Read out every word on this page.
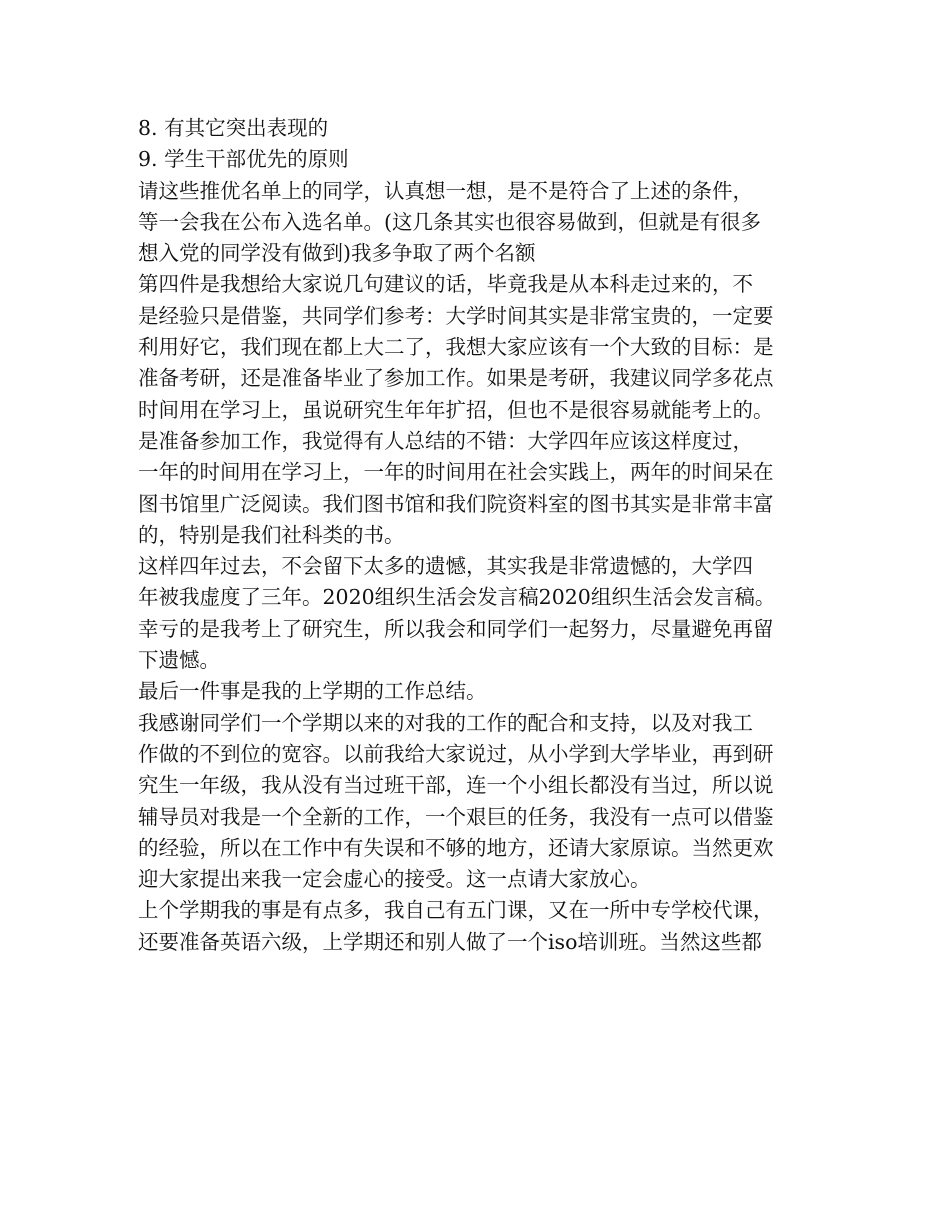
8. 有其它突出表现的

9. 学生干部优先的原则

请这些推优名单上的同学，认真想一想，是不是符合了上述的条件，

等一会我在公布入选名单。(这几条其实也很容易做到，但就是有很多

想入党的同学没有做到)我多争取了两个名额

第四件是我想给大家说几句建议的话，毕竟我是从本科走过来的，不

是经验只是借鉴，共同学们参考：大学时间其实是非常宝贵的，一定要

利用好它，我们现在都上大二了，我想大家应该有一个大致的目标：是

准备考研，还是准备毕业了参加工作。如果是考研，我建议同学多花点

时间用在学习上，虽说研究生年年扩招，但也不是很容易就能考上的。

是准备参加工作，我觉得有人总结的不错：大学四年应该这样度过，

一年的时间用在学习上，一年的时间用在社会实践上，两年的时间呆在

图书馆里广泛阅读。我们图书馆和我们院资料室的图书其实是非常丰富

的，特别是我们社科类的书。

这样四年过去，不会留下太多的遗憾，其实我是非常遗憾的，大学四

年被我虚度了三年。2020组织生活会发言稿2020组织生活会发言稿。

幸亏的是我考上了研究生，所以我会和同学们一起努力，尽量避免再留

下遗憾。

最后一件事是我的上学期的工作总结。

我感谢同学们一个学期以来的对我的工作的配合和支持，以及对我工

作做的不到位的宽容。以前我给大家说过，从小学到大学毕业，再到研

究生一年级，我从没有当过班干部，连一个小组长都没有当过，所以说

辅导员对我是一个全新的工作，一个艰巨的任务，我没有一点可以借鉴

的经验，所以在工作中有失误和不够的地方，还请大家原谅。当然更欢

迎大家提出来我一定会虚心的接受。这一点请大家放心。

上个学期我的事是有点多，我自己有五门课，又在一所中专学校代课，

还要准备英语六级，上学期还和别人做了一个iso培训班。当然这些都
